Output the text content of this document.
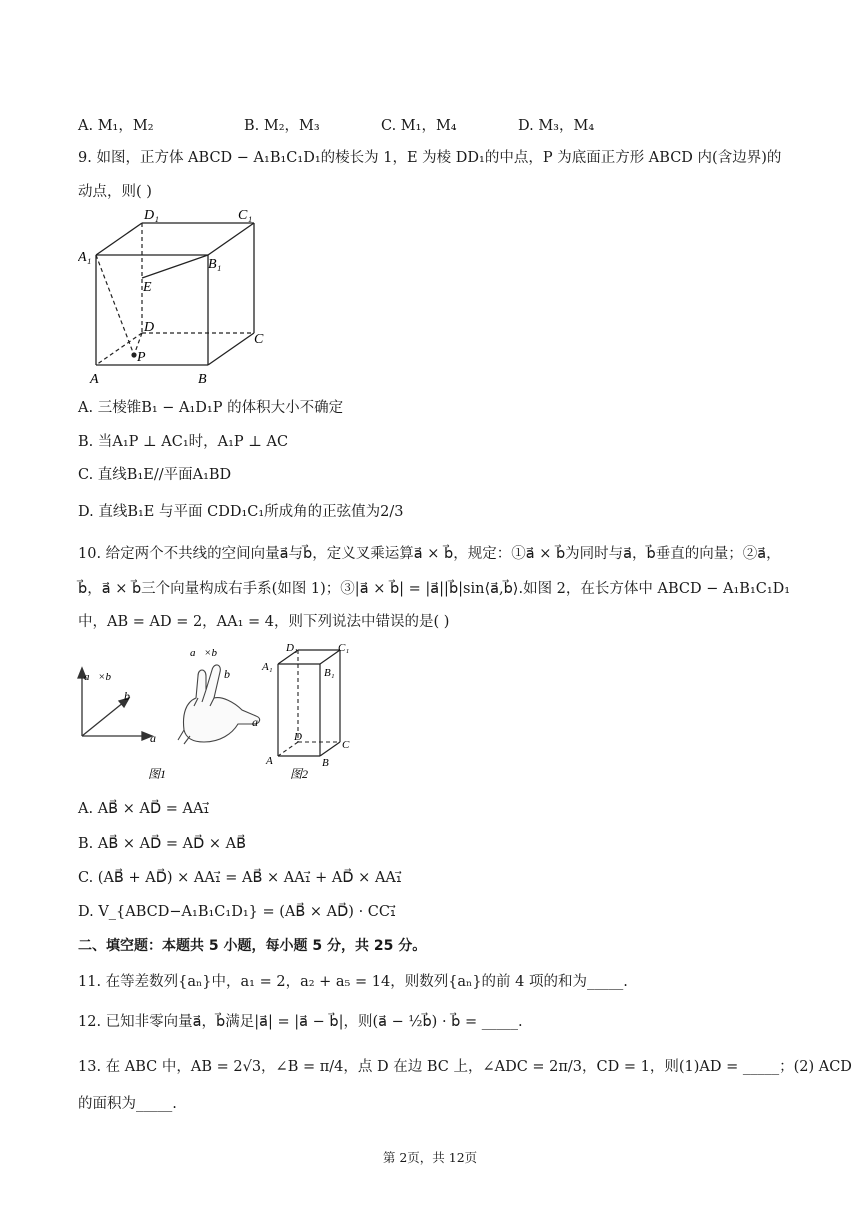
A. M₁，M₂	B. M₂，M₃	C. M₁，M₄	D. M₃，M₄
9. 如图，正方体 ABCD − A₁B₁C₁D₁的棱长为 1，E 为棱 DD₁的中点，P 为底面正方形 ABCD 内(含边界)的
动点，则( )
D₁	C₁
A₁	B₁
E
D
C
P
A	B
A. 三棱锥B₁ − A₁D₁P 的体积大小不确定
B. 当A₁P ⊥ AC₁时，A₁P ⊥ AC
C. 直线B₁E//平面A₁BD
D. 直线B₁E 与平面 CDD₁C₁所成角的正弦值为2/3
10. 给定两个不共线的空间向量a⃗与b⃗，定义叉乘运算a⃗ × b⃗，规定：①a⃗ × b⃗为同时与a⃗，b⃗垂直的向量；②a⃗，
b⃗，a⃗ × b⃗三个向量构成右手系(如图 1)；③|a⃗ × b⃗| = |a⃗||b⃗|sin⟨a⃗,b⃗⟩.如图 2，在长方体中 ABCD − A₁B₁C₁D₁
中，AB = AD = 2，AA₁ = 4，则下列说法中错误的是( )
a⃗×b⃗
b⃗
a⃗
a⃗×b⃗
b⃗
a⃗
图1
D₁	C₁
A₁	B₁
D
C
A	B
图2
A. AB⃗ × AD⃗ = AA₁⃗
B. AB⃗ × AD⃗ = AD⃗ × AB⃗
C. (AB⃗ + AD⃗) × AA₁⃗ = AB⃗ × AA₁⃗ + AD⃗ × AA₁⃗
D. V_{ABCD−A₁B₁C₁D₁} = (AB⃗ × AD⃗) · CC₁⃗
二、填空题：本题共 5 小题，每小题 5 分，共 25 分。
11. 在等差数列{aₙ}中，a₁ = 2，a₂ + a₅ = 14，则数列{aₙ}的前 4 项的和为_____.
12. 已知非零向量a⃗，b⃗满足|a⃗| = |a⃗ − b⃗|，则(a⃗ − ½b⃗) · b⃗ = _____.
13. 在 ABC 中，AB = 2√3，∠B = π/4，点 D 在边 BC 上，∠ADC = 2π/3，CD = 1，则(1)AD = _____；(2) ACD
的面积为_____.
第 2页，共 12页
